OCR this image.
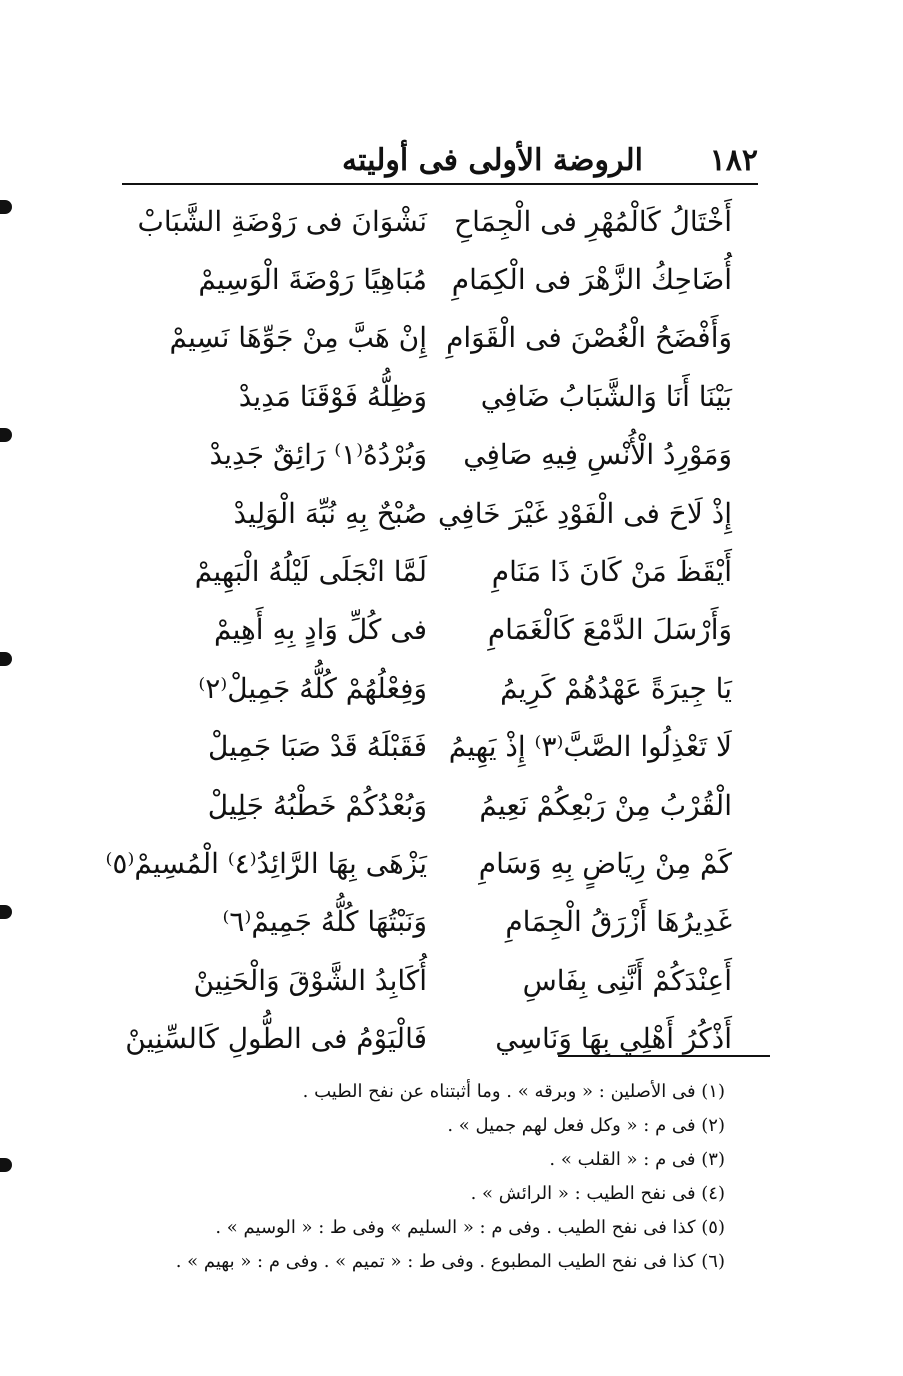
١٨٢
الروضة الأولى فى أوليته
أَخْتَالُ كَالْمُهْرِ فى الْجِمَاحِ
نَشْوَانَ فى رَوْضَةِ الشَّبَابْ
أُضَاحِكُ الزَّهْرَ فى الْكِمَامِ
مُبَاهِيًا رَوْضَةَ الْوَسِيمْ
وَأَفْضَحُ الْغُصْنَ فى الْقَوَامِ
إِنْ هَبَّ مِنْ جَوِّهَا نَسِيمْ
بَيْنَا أَنَا وَالشَّبَابُ ضَافِي
وَظِلُّهُ فَوْقَنَا مَدِيدْ
وَمَوْرِدُ الْأُنْسِ فِيهِ صَافِي
وَبُرْدُهُ⁽١⁾ رَائِقٌ جَدِيدْ
إِذْ لَاحَ فى الْفَوْدِ غَيْرَ خَافِي
صُبْحٌ بِهِ نُبِّهَ الْوَلِيدْ
أَيْقَظَ مَنْ كَانَ ذَا مَنَامِ
لَمَّا انْجَلَى لَيْلُهُ الْبَهِيمْ
وَأَرْسَلَ الدَّمْعَ كَالْغَمَامِ
فى كُلِّ وَادٍ بِهِ أَهِيمْ
يَا جِيرَةً عَهْدُهُمْ كَرِيمُ
وَفِعْلُهُمْ كُلُّهُ جَمِيلْ⁽٢⁾
لَا تَعْذِلُوا الصَّبَّ⁽٣⁾ إِذْ يَهِيمُ
فَقَبْلَهُ قَدْ صَبَا جَمِيلْ
الْقُرْبُ مِنْ رَبْعِكُمْ نَعِيمُ
وَبُعْدُكُمْ خَطْبُهُ جَلِيلْ
كَمْ مِنْ رِيَاضٍ بِهِ وَسَامِ
يَزْهَى بِهَا الرَّائِدُ⁽٤⁾ الْمُسِيمْ⁽٥⁾
غَدِيرُهَا أَزْرَقُ الْجِمَامِ
وَنَبْتُهَا كُلُّهُ جَمِيمْ⁽٦⁾
أَعِنْدَكُمْ أَنَّنِى بِفَاسِ
أُكَابِدُ الشَّوْقَ وَالْحَنِينْ
أَذْكُرُ أَهْلِي بِهَا وَنَاسِي
فَالْيَوْمُ فى الطُّولِ كَالسِّنِينْ
(١) فى الأصلين : « وبرقه » . وما أثبتناه عن نفح الطيب .
(٢) فى م : « وكل فعل لهم جميل » .
(٣) فى م : « القلب » .
(٤) فى نفح الطيب : « الرائش » .
(٥) كذا فى نفح الطيب . وفى م : « السليم » وفى ط : « الوسيم » .
(٦) كذا فى نفح الطيب المطبوع . وفى ط : « تميم » . وفى م : « بهيم » .
